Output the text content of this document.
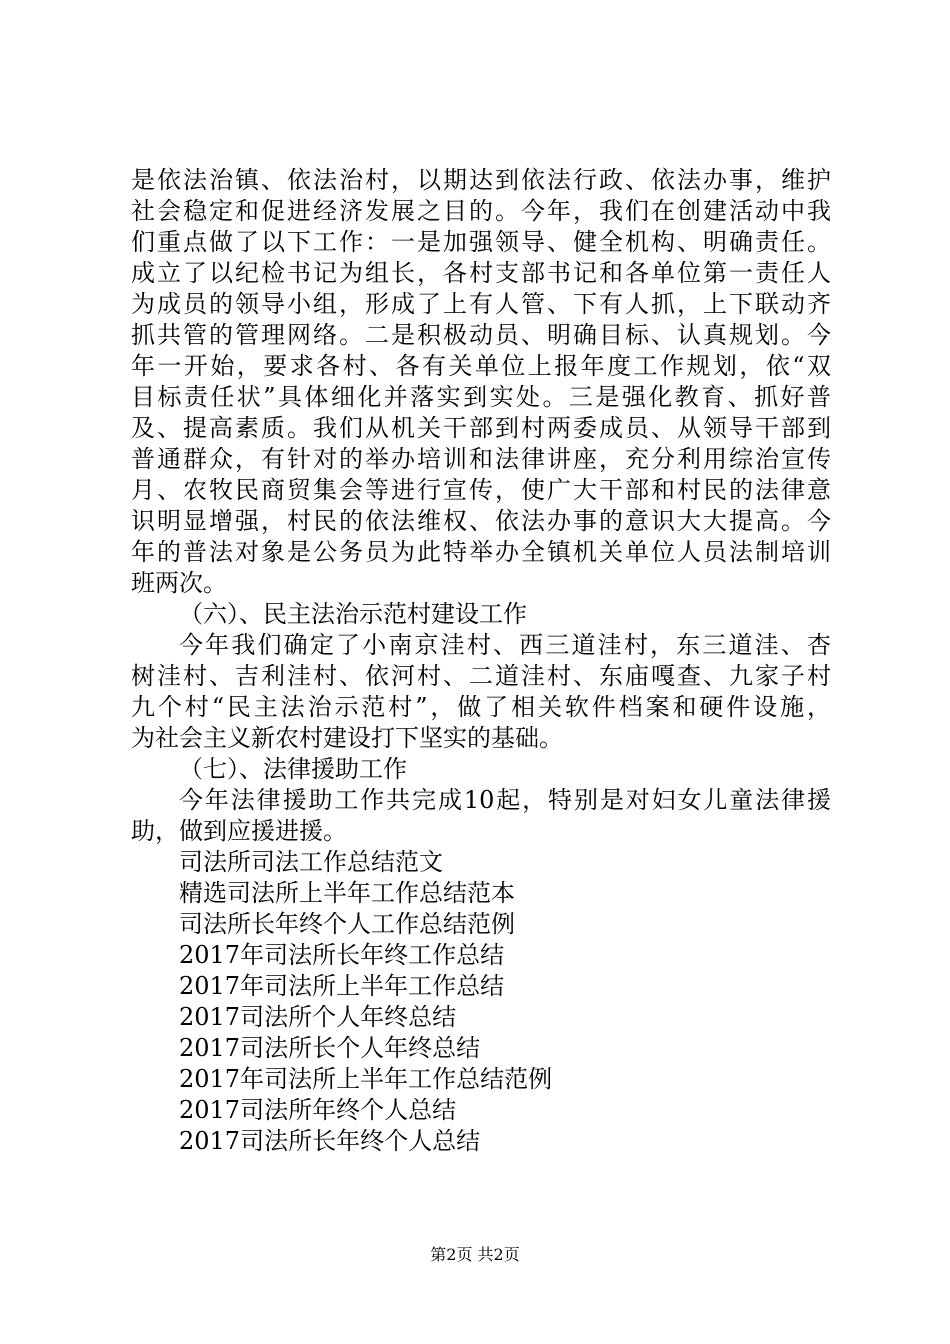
是依法治镇、依法治村，以期达到依法行政、依法办事，维护
社会稳定和促进经济发展之目的。今年，我们在创建活动中我
们重点做了以下工作：一是加强领导、健全机构、明确责任。
成立了以纪检书记为组长，各村支部书记和各单位第一责任人
为成员的领导小组，形成了上有人管、下有人抓，上下联动齐
抓共管的管理网络。二是积极动员、明确目标、认真规划。今
年一开始，要求各村、各有关单位上报年度工作规划，依“双
目标责任状”具体细化并落实到实处。三是强化教育、抓好普
及、提高素质。我们从机关干部到村两委成员、从领导干部到
普通群众，有针对的举办培训和法律讲座，充分利用综治宣传
月、农牧民商贸集会等进行宣传，使广大干部和村民的法律意
识明显增强，村民的依法维权、依法办事的意识大大提高。今
年的普法对象是公务员为此特举办全镇机关单位人员法制培训
班两次。
（六）、民主法治示范村建设工作
今年我们确定了小南京洼村、西三道洼村，东三道洼、杏
树洼村、吉利洼村、依河村、二道洼村、东庙嘎查、九家子村
九个村“民主法治示范村”，做了相关软件档案和硬件设施，
为社会主义新农村建设打下坚实的基础。
（七）、法律援助工作
今年法律援助工作共完成10起，特别是对妇女儿童法律援
助，做到应援进援。
司法所司法工作总结范文
精选司法所上半年工作总结范本
司法所长年终个人工作总结范例
2017年司法所长年终工作总结
2017年司法所上半年工作总结
2017司法所个人年终总结
2017司法所长个人年终总结
2017年司法所上半年工作总结范例
2017司法所年终个人总结
2017司法所长年终个人总结
第2页 共2页
